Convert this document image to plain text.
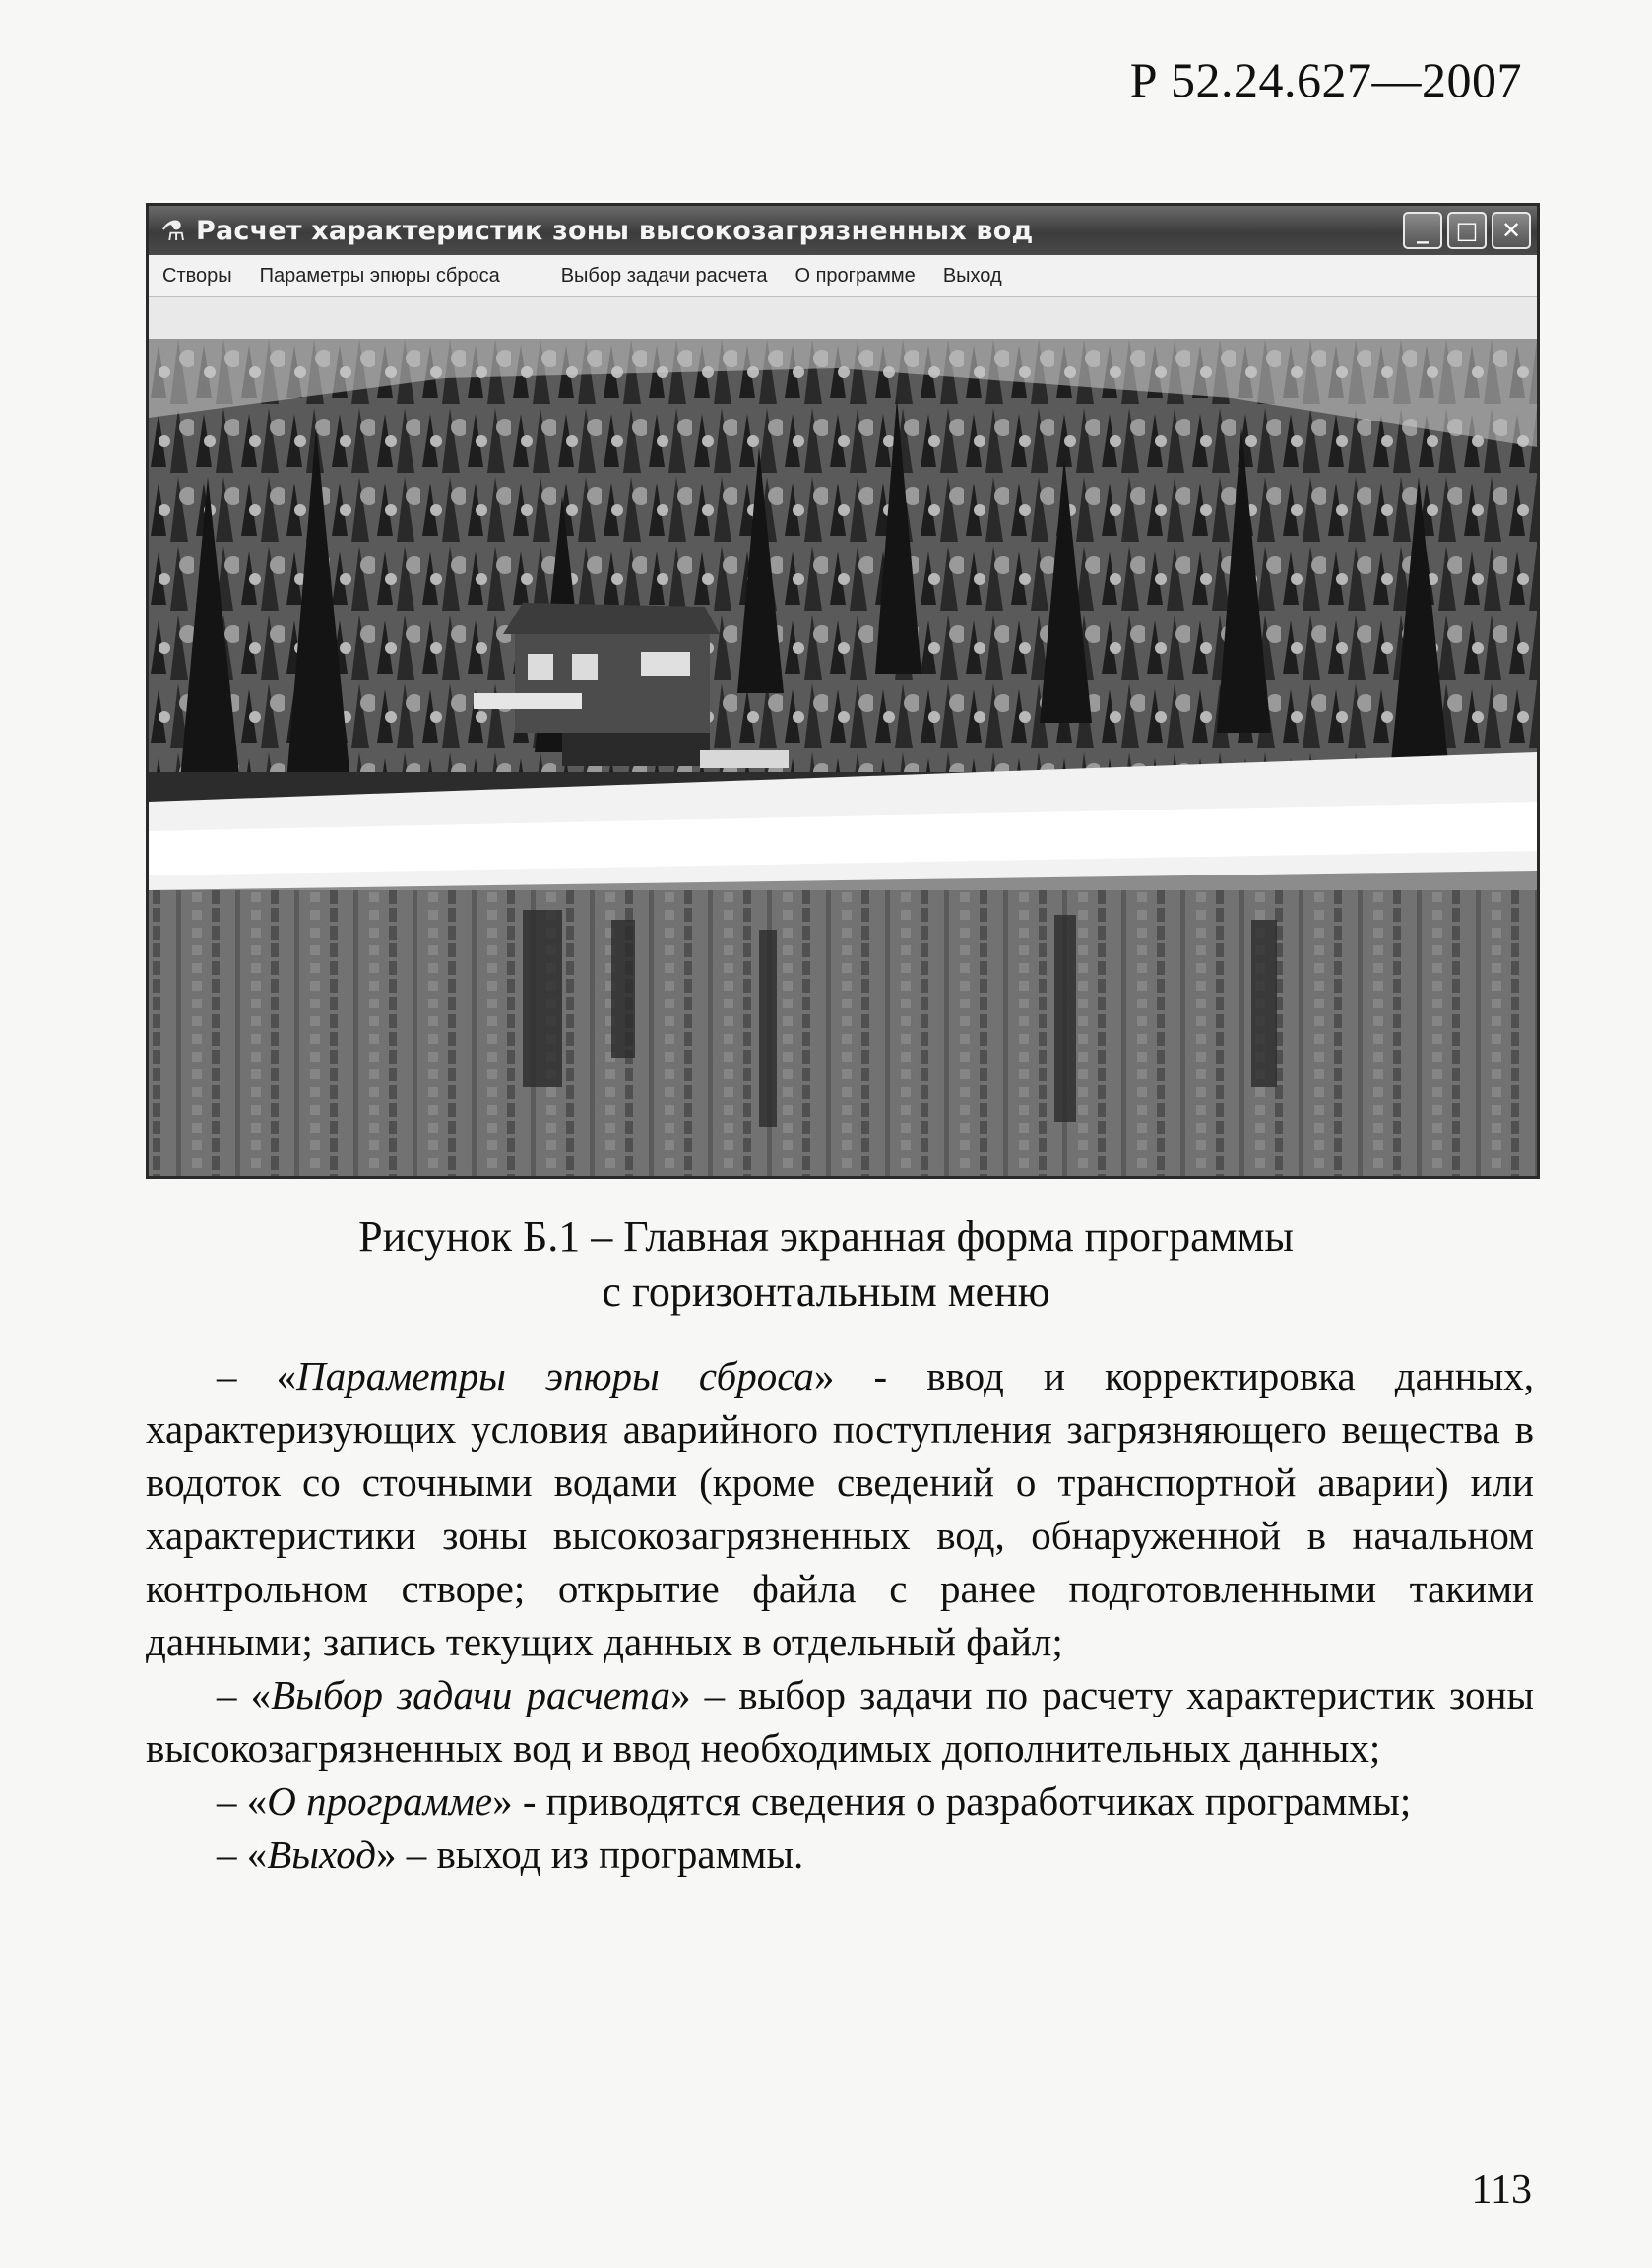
Р 52.24.627—2007
⚗ Расчет характеристик зоны высокозагрязненных вод	_	□ ✕
Створы	Параметры эпюры сброса	Выбор задачи расчета	О программе	Выход
Рисунок Б.1 – Главная экранная форма программы
с горизонтальным меню

– «Параметры эпюры сброса» - ввод и корректировка данных, характеризующих условия аварийного поступления загрязняющего вещества в водоток со сточными водами (кроме сведений о транспортной аварии) или характеристики зоны высокозагрязненных вод, обнаруженной в начальном контрольном створе; открытие файла с ранее подготовленными такими данными; запись текущих данных в отдельный файл;

– «Выбор задачи расчета» – выбор задачи по расчету характеристик зоны высокозагрязненных вод и ввод необходимых дополнительных данных;

– «О программе» - приводятся сведения о разработчиках программы;

– «Выход» – выход из программы.

113
